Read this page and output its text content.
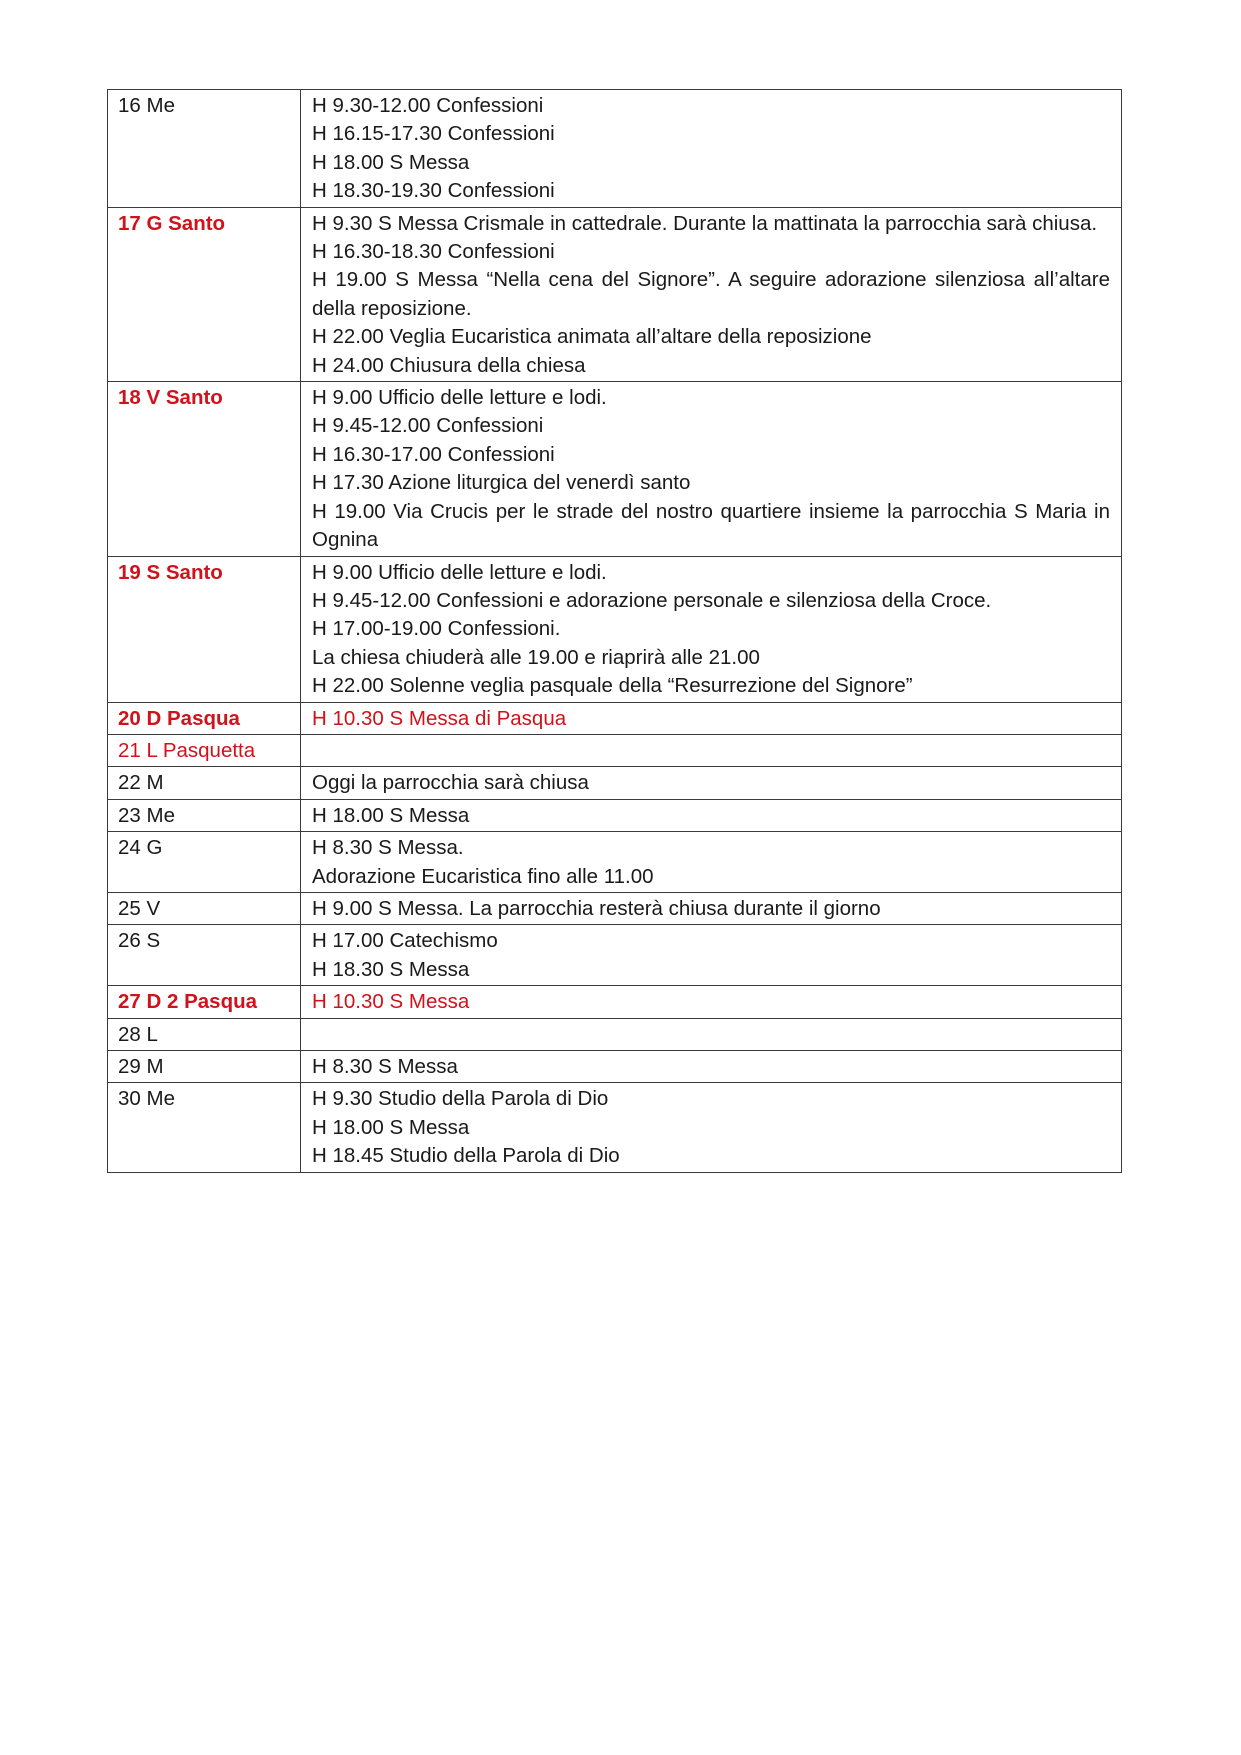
16 Me	H 9.30-12.00 Confessioni
H 16.15-17.30 Confessioni
H 18.00 S Messa
H 18.30-19.30 Confessioni

17 G Santo	H 9.30 S Messa Crismale in cattedrale. Durante la mattinata la parrocchia sarà chiusa.
H 16.30-18.30 Confessioni
H 19.00 S Messa “Nella cena del Signore”. A seguire adorazione silenziosa all’altare della reposizione.
H 22.00 Veglia Eucaristica animata all’altare della reposizione
H 24.00 Chiusura della chiesa

18 V Santo	H 9.00 Ufficio delle letture e lodi.
H 9.45-12.00 Confessioni
H 16.30-17.00 Confessioni
H 17.30 Azione liturgica del venerdì santo
H 19.00 Via Crucis per le strade del nostro quartiere insieme la parrocchia S Maria in Ognina

19 S Santo	H 9.00 Ufficio delle letture e lodi.
H 9.45-12.00 Confessioni e adorazione personale e silenziosa della Croce.
H 17.00-19.00 Confessioni.
La chiesa chiuderà alle 19.00 e riaprirà alle 21.00
H 22.00 Solenne veglia pasquale della “Resurrezione del Signore”

20 D Pasqua	H 10.30 S Messa di Pasqua

21 L Pasquetta	

22 M	Oggi la parrocchia sarà chiusa

23 Me	H 18.00 S Messa

24 G	H 8.30 S Messa.
Adorazione Eucaristica fino alle 11.00

25 V	H 9.00 S Messa. La parrocchia resterà chiusa durante il giorno

26 S	H 17.00 Catechismo
H 18.30 S Messa

27 D 2 Pasqua	H 10.30 S Messa

28 L	

29 M	H 8.30 S Messa

30 Me	H 9.30 Studio della Parola di Dio
H 18.00 S Messa
H 18.45 Studio della Parola di Dio
